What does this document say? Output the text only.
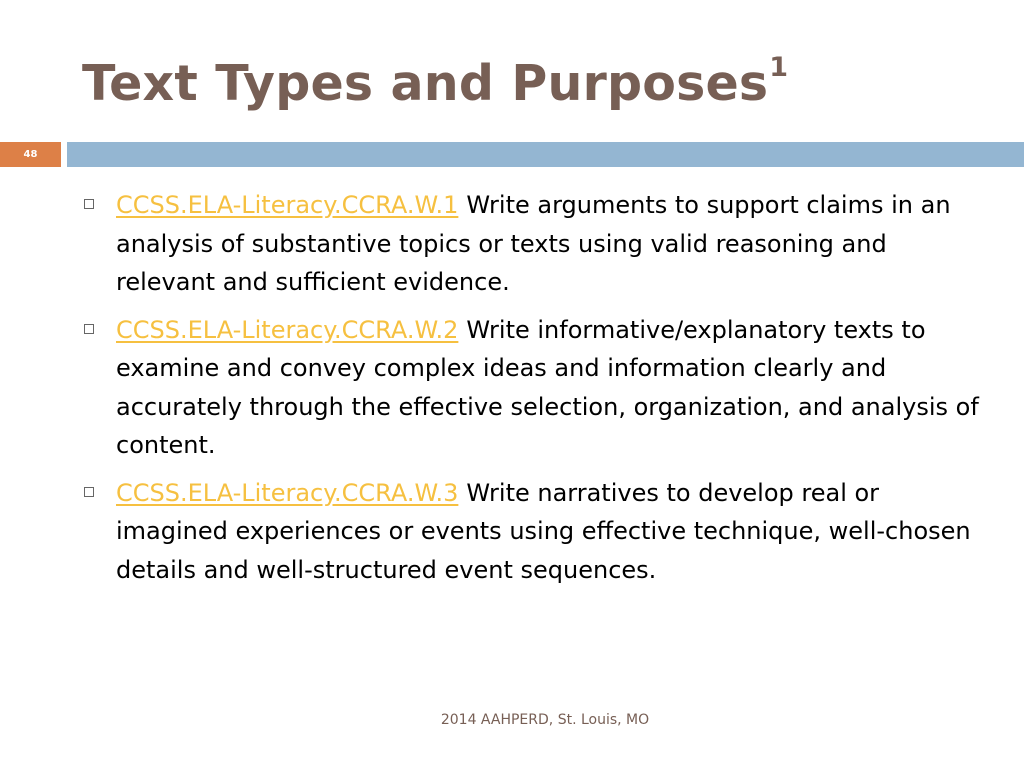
Text Types and Purposes$^1$
48
CCSS.ELA-Literacy.CCRA.W.1 Write arguments to support claims in an analysis of substantive topics or texts using valid reasoning and relevant and sufficient evidence.
CCSS.ELA-Literacy.CCRA.W.2 Write informative/explanatory texts to examine and convey complex ideas and information clearly and accurately through the effective selection, organization, and analysis of content.
CCSS.ELA-Literacy.CCRA.W.3 Write narratives to develop real or imagined experiences or events using effective technique, well-chosen details and well-structured event sequences.
2014 AAHPERD, St. Louis, MO
